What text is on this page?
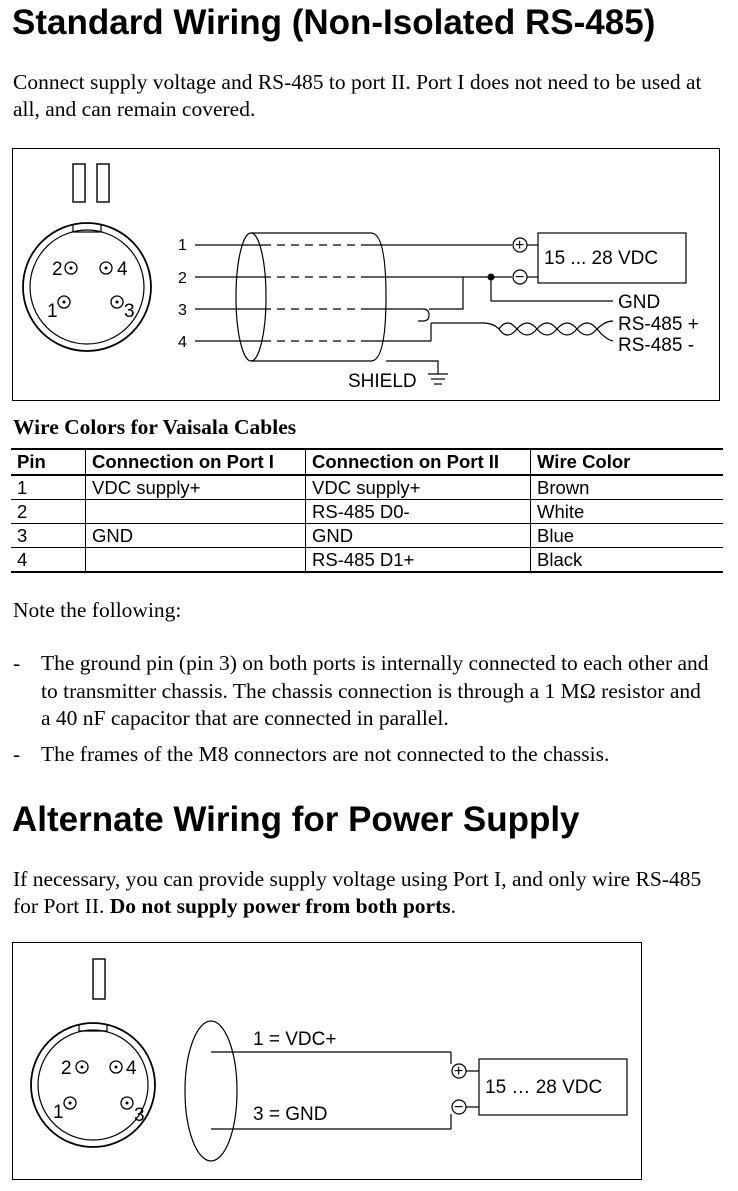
Standard Wiring (Non-Isolated RS-485)
Connect supply voltage and RS-485 to port II. Port I does not need to be used at all, and can remain covered.
2	4
1	3
1
2
3
4
+
−
15 ... 28 VDC
GND
RS-485 +
RS-485 -
SHIELD
Wire Colors for Vaisala Cables
Pin	Connection on Port I	Connection on Port II	Wire Color
1	VDC supply+	VDC supply+	Brown
2		RS-485 D0-	White
3	GND	GND	Blue
4		RS-485 D1+	Black
Note the following:
- The ground pin (pin 3) on both ports is internally connected to each other and to transmitter chassis. The chassis connection is through a 1 MΩ resistor and a 40 nF capacitor that are connected in parallel.
- The frames of the M8 connectors are not connected to the chassis.
Alternate Wiring for Power Supply
If necessary, you can provide supply voltage using Port I, and only wire RS-485 for Port II. Do not supply power from both ports.
2	4
1	3
1 = VDC+
3 = GND
+
−
15 … 28 VDC
